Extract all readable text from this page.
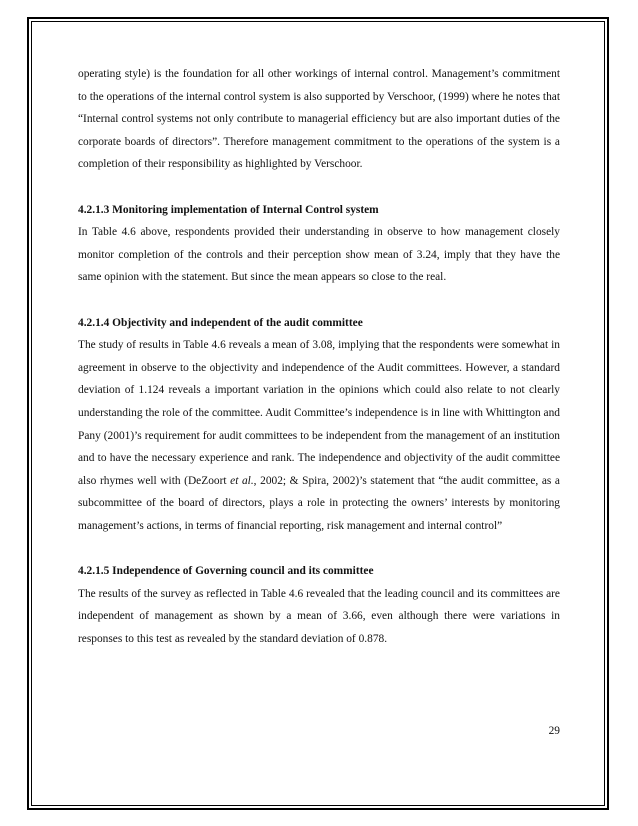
operating style) is the foundation for all other workings of internal control. Management’s commitment to the operations of the internal control system is also supported by Verschoor, (1999) where he notes that “Internal control systems not only contribute to managerial efficiency but are also important duties of the corporate boards of directors”. Therefore management commitment to the operations of the system is a completion of their responsibility as highlighted by Verschoor.

4.2.1.3 Monitoring implementation of Internal Control system

In Table 4.6 above, respondents provided their understanding in observe to how management closely monitor completion of the controls and their perception show mean of 3.24, imply that they have the same opinion with the statement. But since the mean appears so close to the real.

4.2.1.4 Objectivity and independent of the audit committee

The study of results in Table 4.6 reveals a mean of 3.08, implying that the respondents were somewhat in agreement in observe to the objectivity and independence of the Audit committees. However, a standard deviation of 1.124 reveals a important variation in the opinions which could also relate to not clearly understanding the role of the committee. Audit Committee’s independence is in line with Whittington and Pany (2001)’s requirement for audit committees to be independent from the management of an institution and to have the necessary experience and rank. The independence and objectivity of the audit committee also rhymes well with (DeZoort et al., 2002; & Spira, 2002)’s statement that “the audit committee, as a subcommittee of the board of directors, plays a role in protecting the owners’ interests by monitoring management’s actions, in terms of financial reporting, risk management and internal control”

4.2.1.5 Independence of Governing council and its committee

The results of the survey as reflected in Table 4.6 revealed that the leading council and its committees are independent of management as shown by a mean of 3.66, even although there were variations in responses to this test as revealed by the standard deviation of 0.878.

29
